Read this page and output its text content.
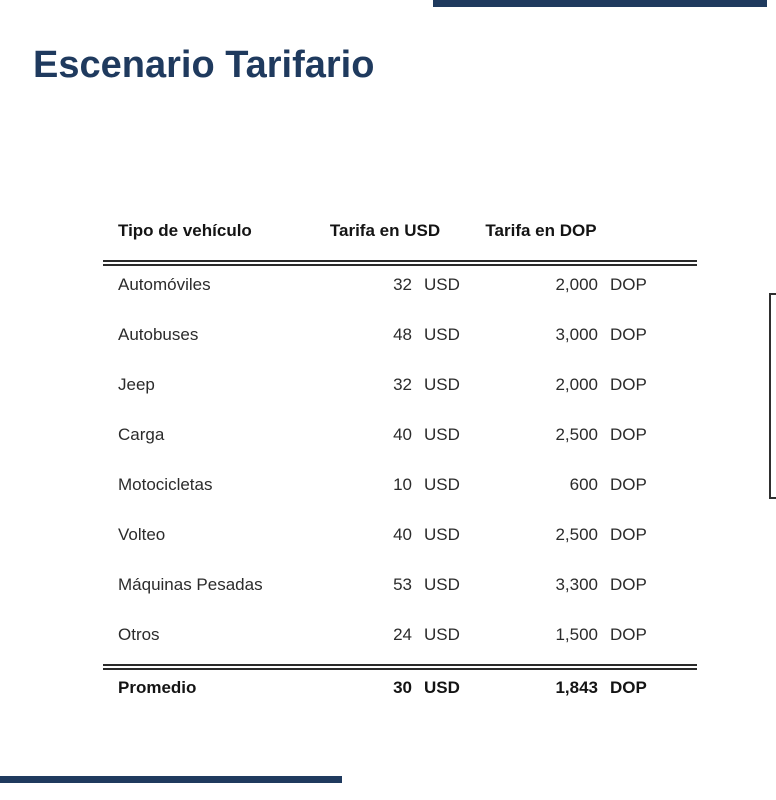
Escenario Tarifario
Tipo de vehículo	Tarifa en USD	Tarifa en DOP
Automóviles	32 USD	2,000 DOP
Autobuses	48 USD	3,000 DOP
Jeep	32 USD	2,000 DOP
Carga	40 USD	2,500 DOP
Motocicletas	10 USD	600 DOP
Volteo	40 USD	2,500 DOP
Máquinas Pesadas	53 USD	3,300 DOP
Otros	24 USD	1,500 DOP
Promedio	30 USD	1,843 DOP
